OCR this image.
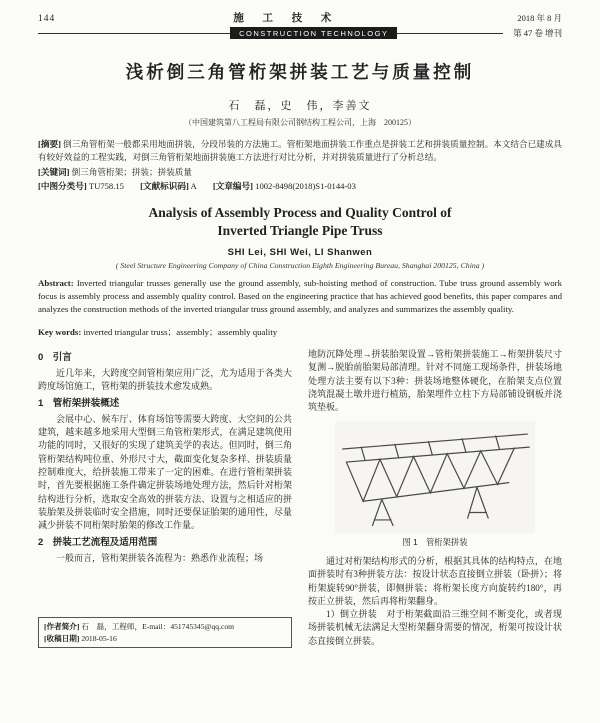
144	施 工 技 术	2018 年 8 月
CONSTRUCTION TECHNOLOGY	第 47 卷 增刊
浅析倒三角管桁架拼装工艺与质量控制
石　磊，史　伟，李善文
（中国建筑第八工程局有限公司钢结构工程公司，上海　200125）

[摘要] 倒三角管桁架一般都采用地面拼装，分段吊装的方法施工。管桁架地面拼装工作重点是拼装工艺和拼装质量控制。本文结合已建成具有较好效益的工程实践，对倒三角管桁架地面拼装施工方法进行对比分析，并对拼装质量进行了分析总结。

[关键词] 倒三角管桁架；拼装；拼装质量

[中图分类号] TU758.15 [文献标识码] A [文章编号] 1002-8498(2018)S1-0144-03

Analysis of Assembly Process and Quality Control of
Inverted Triangle Pipe Truss
SHI Lei, SHI Wei, LI Shanwen
( Steel Structure Engineering Company of China Construction Eighth Engineering Bureau, Shanghai 200125, China )

Abstract: Inverted triangular trusses generally use the ground assembly, sub-hoisting method of construction. Tube truss ground assembly work focus is assembly process and assembly quality control. Based on the engineering practice that has achieved good benefits, this paper compares and analyzes the construction methods of the inverted triangular truss ground assembly, and analyzes and summarizes the assembly quality.

Key words: inverted triangular truss；assembly；assembly quality

0　引言

近几年来，大跨度空间管桁架应用广泛，尤为适用于各类大跨度场馆施工，管桁架的拼装技术愈发成熟。

1　管桁架拼装概述

会展中心、候车厅、体育场馆等需要大跨度、大空间的公共建筑，越来越多地采用大型倒三角管桁架形式，在满足建筑使用功能的同时，又很好的实现了建筑美学的表达。但同时，倒三角管桁架结构吨位重、外形尺寸大，截面变化复杂多样、拼装质量控制难度大，给拼装施工带来了一定的困难。在进行管桁架拼装时，首先要根据施工条件确定拼装场地处理方法，然后针对桁架结构进行分析，选取安全高效的拼装方法、设置与之相适应的拼装胎架及拼装临时安全措施，同时还要保证胎架的通用性，尽量减少拼装不同桁架时胎架的修改工作量。

2　拼装工艺流程及适用范围

一般而言，管桁架拼装各流程为：熟悉作业流程；场

[作者简介] 石　磊，工程师，E-mail：451745345@qq.com

[收稿日期] 2018-05-16

地防沉降处理→拼装胎架设置→管桁架拼装施工→桁架拼装尺寸复测→脱胎前胎架局部清理。针对不同施工现场条件，拼装场地处理方法主要有以下3种：拼装场地整体硬化，在胎架支点位置浇筑混凝土墩并进行植筋，胎架埋件立柱下方局部铺设钢板并浇筑垫板。

图 1　管桁架拼装

通过对桁架结构形式的分析，根据其具体的结构特点，在地面拼装时有3种拼装方法：按设计状态直接倒立拼装（卧拼）；将桁架旋转90°拼装，即侧拼装；将桁架长度方向旋转约180°，再按正立拼装，然后再将桁架翻身。

1）倒立拼装　对于桁架截面沿三维空间不断变化，或者现场拼装机械无法满足大型桁架翻身需要的情况，桁架可按设计状态直接倒立拼装。
